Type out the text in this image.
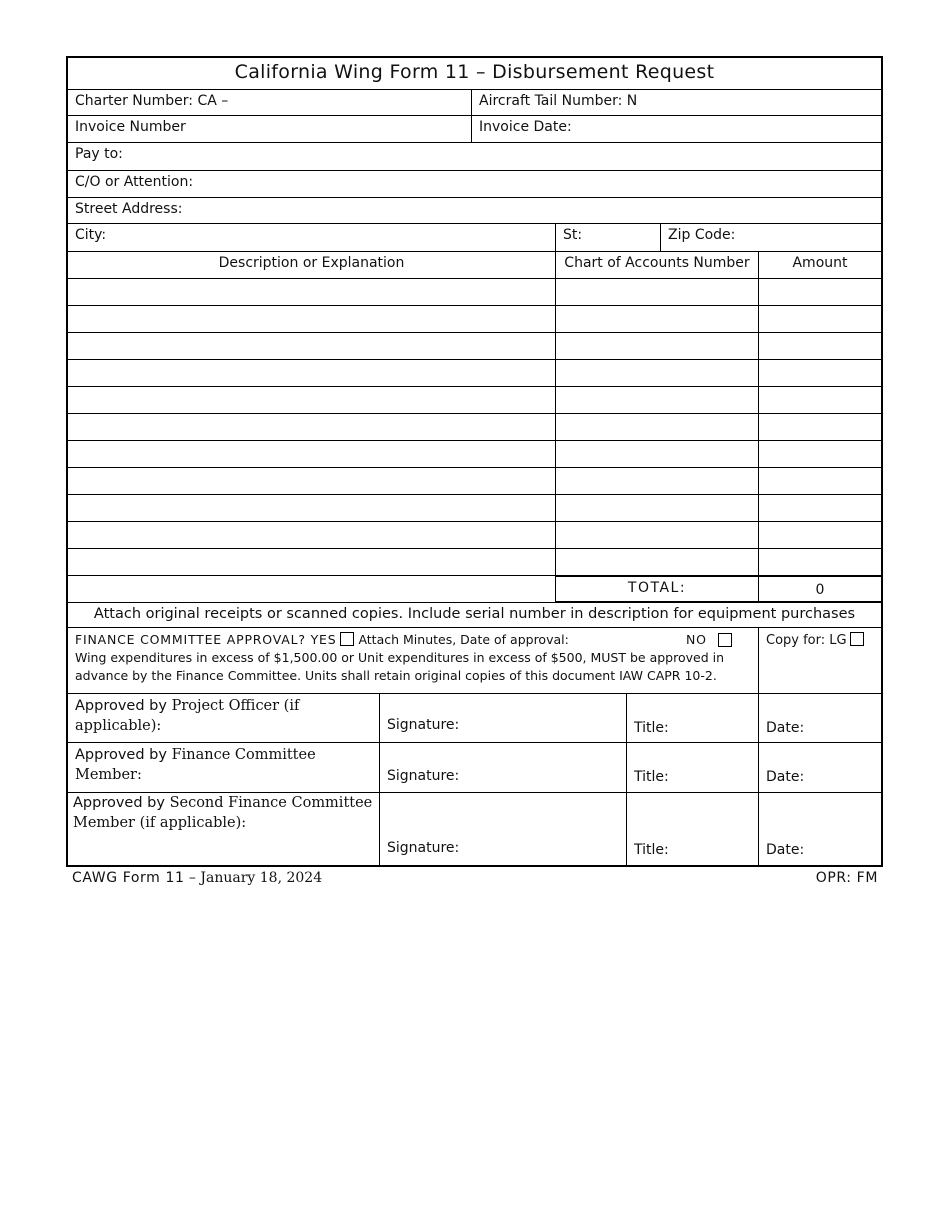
California Wing Form 11 – Disbursement Request
Charter Number: CA –	Aircraft Tail Number: N
Invoice Number	Invoice Date:
Pay to:
C/O or Attention:
Street Address:
City:	St:	Zip Code:
Description or Explanation	Chart of Accounts Number	Amount
TOTAL:	0
Attach original receipts or scanned copies. Include serial number in description for equipment purchases
FINANCE COMMITTEE APPROVAL? YES Attach Minutes, Date of approval:	NO
Wing expenditures in excess of $1,500.00 or Unit expenditures in excess of $500, MUST be approved in
advance by the Finance Committee. Units shall retain original copies of this document IAW CAPR 10-2.
Copy for: LG
Approved by Project Officer (if
applicable):	Signature:	Title:	Date:
Approved by Finance Committee
Member:	Signature:	Title:	Date:
Approved by Second Finance Committee
Member (if applicable):
Signature:	Title:	Date:
CAWG Form 11 – January 18, 2024	OPR: FM
